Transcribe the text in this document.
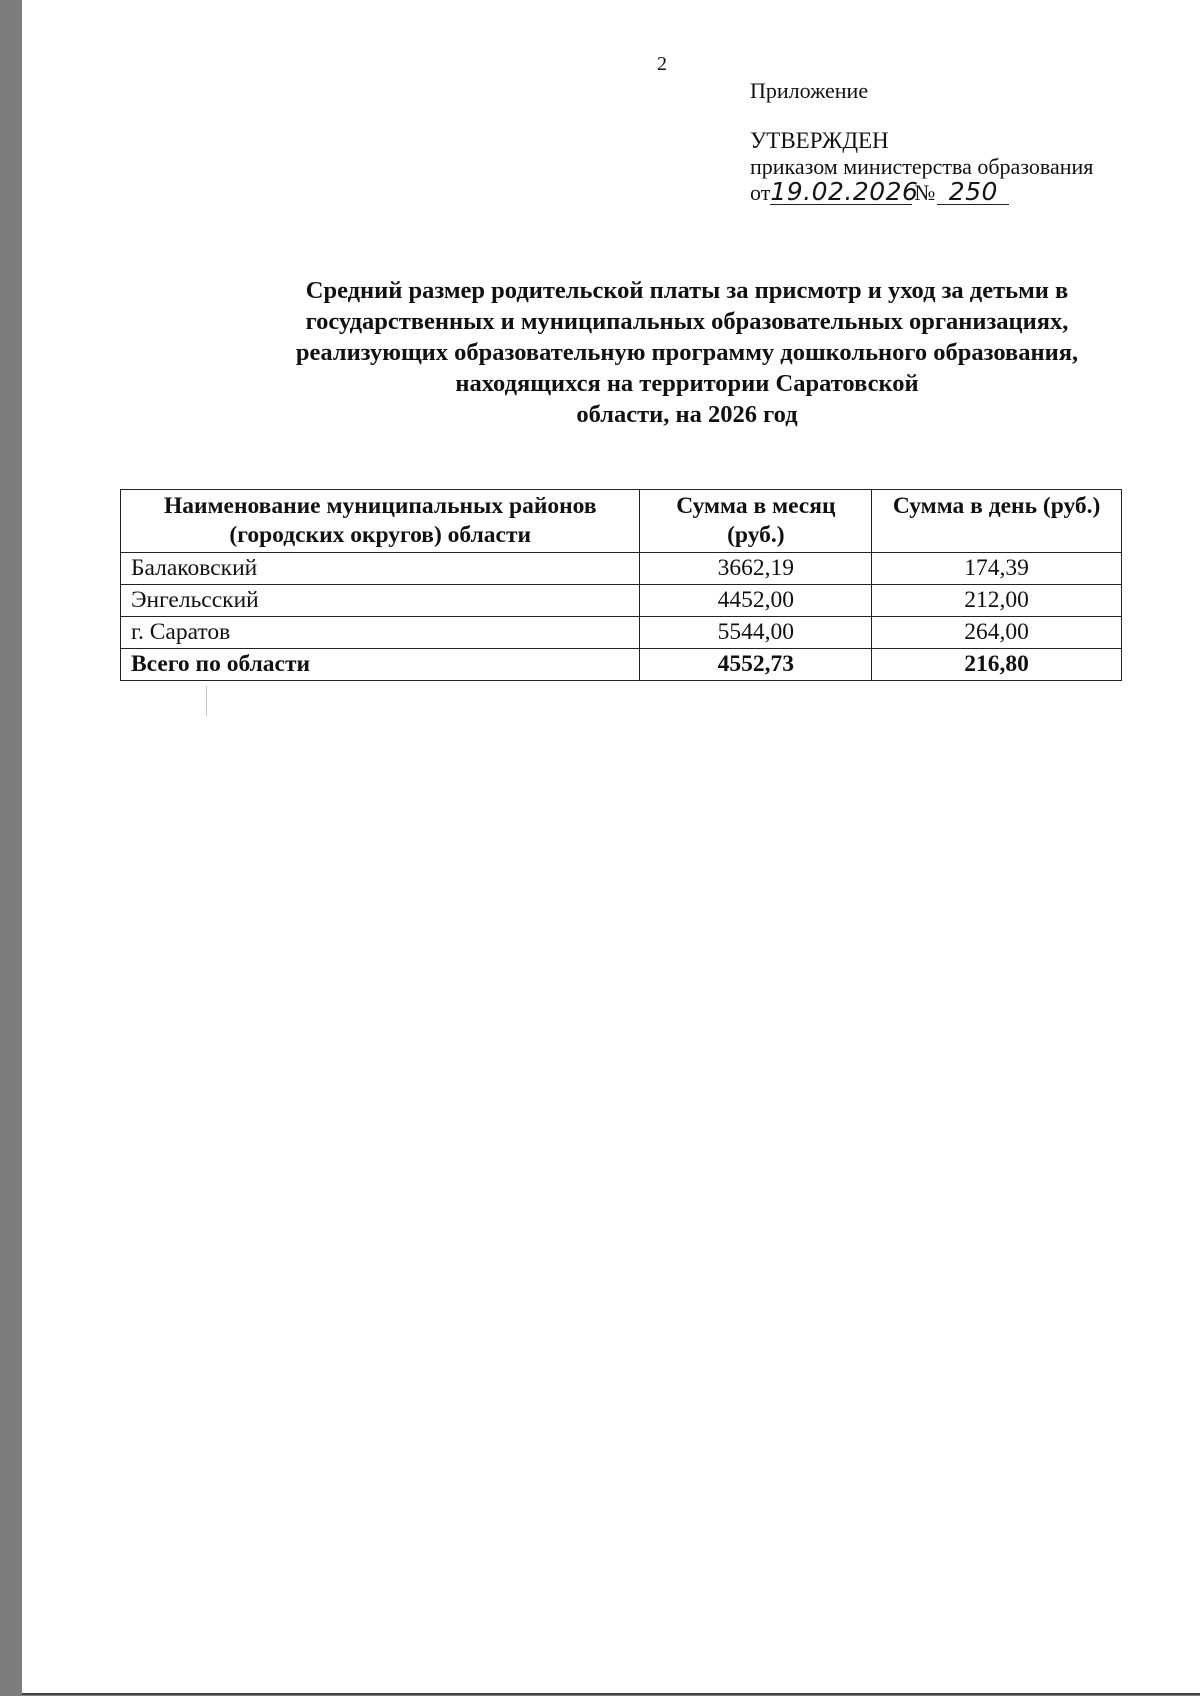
2
Приложение
УТВЕРЖДЕН
приказом министерства образования
от19.02.2026№ 250
Средний размер родительской платы за присмотр и уход за детьми в
государственных и муниципальных образовательных организациях,
реализующих образовательную программу дошкольного образования,
находящихся на территории Саратовской
области, на 2026 год
Наименование муниципальных районов (городских округов) области	Сумма в месяц (руб.)	Сумма в день (руб.)
Балаковский	3662,19	174,39
Энгельсский	4452,00	212,00
г. Саратов	5544,00	264,00
Всего по области	4552,73	216,80
